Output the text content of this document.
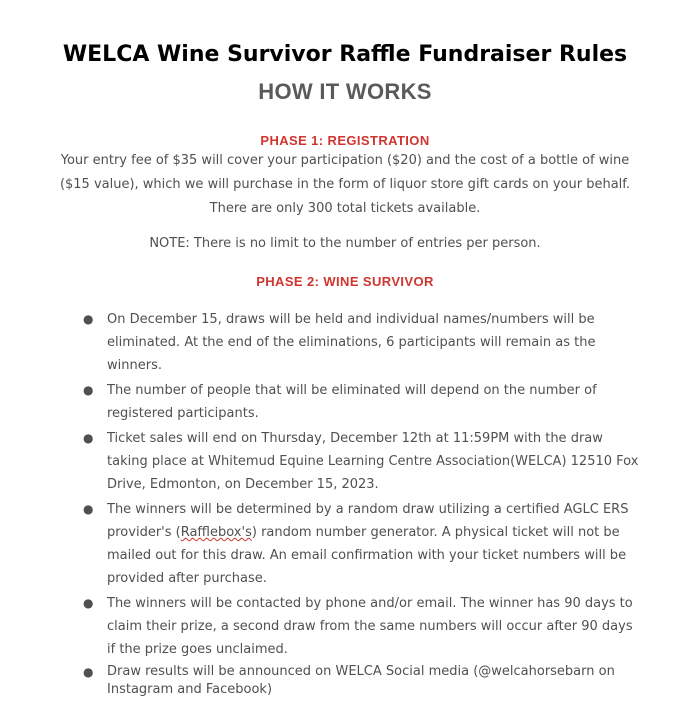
WELCA Wine Survivor Raffle Fundraiser Rules
HOW IT WORKS
PHASE 1: REGISTRATION
Your entry fee of $35 will cover your participation ($20) and the cost of a bottle of wine
($15 value), which we will purchase in the form of liquor store gift cards on your behalf.
There are only 300 total tickets available.
NOTE: There is no limit to the number of entries per person.
PHASE 2: WINE SURVIVOR
● On December 15, draws will be held and individual names/numbers will be
eliminated. At the end of the eliminations, 6 participants will remain as the
winners.
● The number of people that will be eliminated will depend on the number of
registered participants.
● Ticket sales will end on Thursday, December 12th at 11:59PM with the draw
taking place at Whitemud Equine Learning Centre Association(WELCA) 12510 Fox
Drive, Edmonton, on December 15, 2023.
● The winners will be determined by a random draw utilizing a certified AGLC ERS
provider's (Rafflebox's) random number generator. A physical ticket will not be
mailed out for this draw. An email confirmation with your ticket numbers will be
provided after purchase.
● The winners will be contacted by phone and/or email. The winner has 90 days to
claim their prize, a second draw from the same numbers will occur after 90 days
if the prize goes unclaimed.
● Draw results will be announced on WELCA Social media (@welcahorsebarn on
Instagram and Facebook)
